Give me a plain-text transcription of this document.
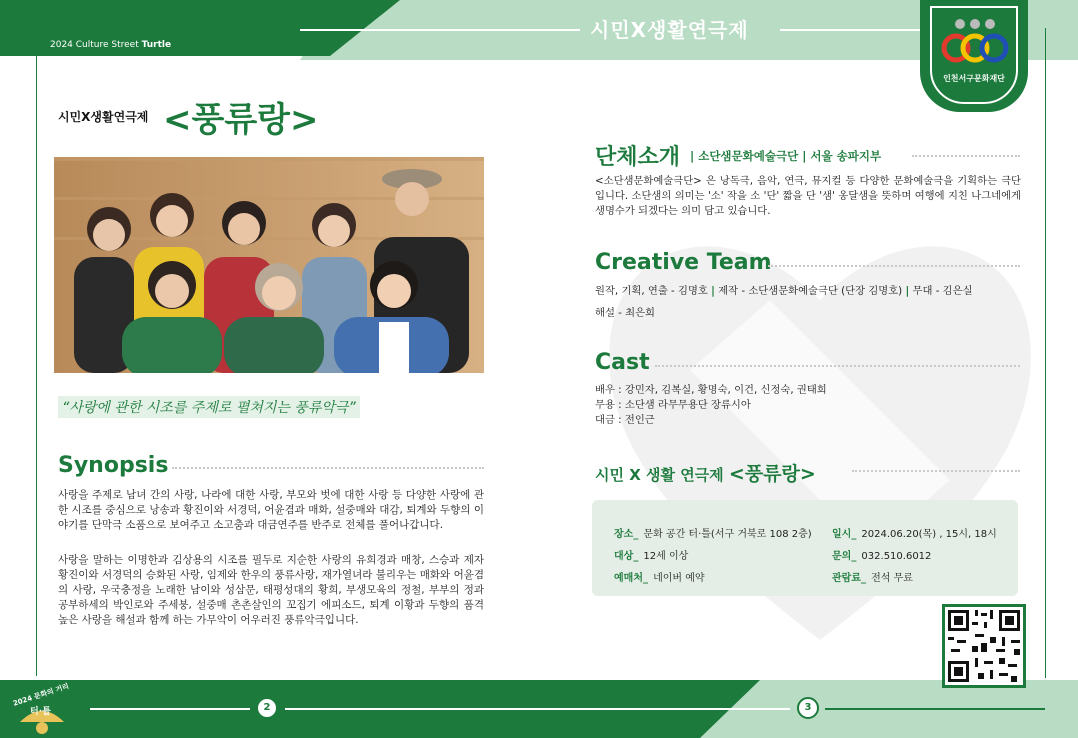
2024 Culture Street Turtle
시민X생활연극제
인천서구문화재단
시민X생활연극제 <풍류랑>
“사랑에 관한 시조를 주제로 펼쳐지는 풍류악극”
Synopsis
사랑을 주제로 남녀 간의 사랑, 나라에 대한 사랑, 부모와 벗에 대한 사랑 등 다양한 사랑에 관한 시조를 중심으로 낭송과 황진이와 서경덕, 어윤겸과 매화, 설중매와 대감, 퇴계와 두향의 이야기를 단막극 소품으로 보여주고 소고춤과 대금연주를 반주로 전체를 풀어나갑니다.
사랑을 말하는 이명한과 김상용의 시조를 필두로 지순한 사랑의 유희경과 매창, 스승과 제자 황진이와 서경덕의 승화된 사랑, 임제와 한우의 풍류사랑, 재가열녀라 불리우는 매화와 어윤겸의 사랑, 우국충정을 노래한 남이와 성삼문, 태평성대의 황희, 부생모육의 정철, 부부의 정과 공부하세의 박인로와 주세붕, 설중매 촌촌살인의 꼬집기 에피소드, 퇴계 이황과 두향의 품격 높은 사랑을 해설과 함께 하는 가무악이 어우러진 풍류악극입니다.
2	3
2024 문화의 거리
터·틀
단체소개 | 소단샘문화예술극단 | 서울 송파지부
<소단샘문화예술극단> 은 낭독극, 음악, 연극, 뮤지컬 등 다양한 문화예술극을 기획하는 극단입니다. 소단샘의 의미는 '소' 작을 소 '단' 짧을 단 '샘' 옹달샘을 뜻하며 여행에 지친 나그네에게 생명수가 되겠다는 의미 담고 있습니다.
Creative Team
원작, 기획, 연출 - 김명호 | 제작 - 소단샘문화예술극단 (단장 김명호) | 무대 - 김은실
해설 - 최은희
Cast
배우 : 강민자, 김복실, 황명숙, 이건, 신정숙, 권태희
무용 : 소단샘 라무무용단 장류시아
대금 : 전인근
시민 X 생활 연극제 <풍류랑>
장소_ 문화 공간 터·틀(서구 거북로 108 2층) 일시_ 2024.06.20(목) , 15시, 18시
대상_ 12세 이상	문의_ 032.510.6012
예매처_ 네이버 예약	관람료_ 전석 무료
